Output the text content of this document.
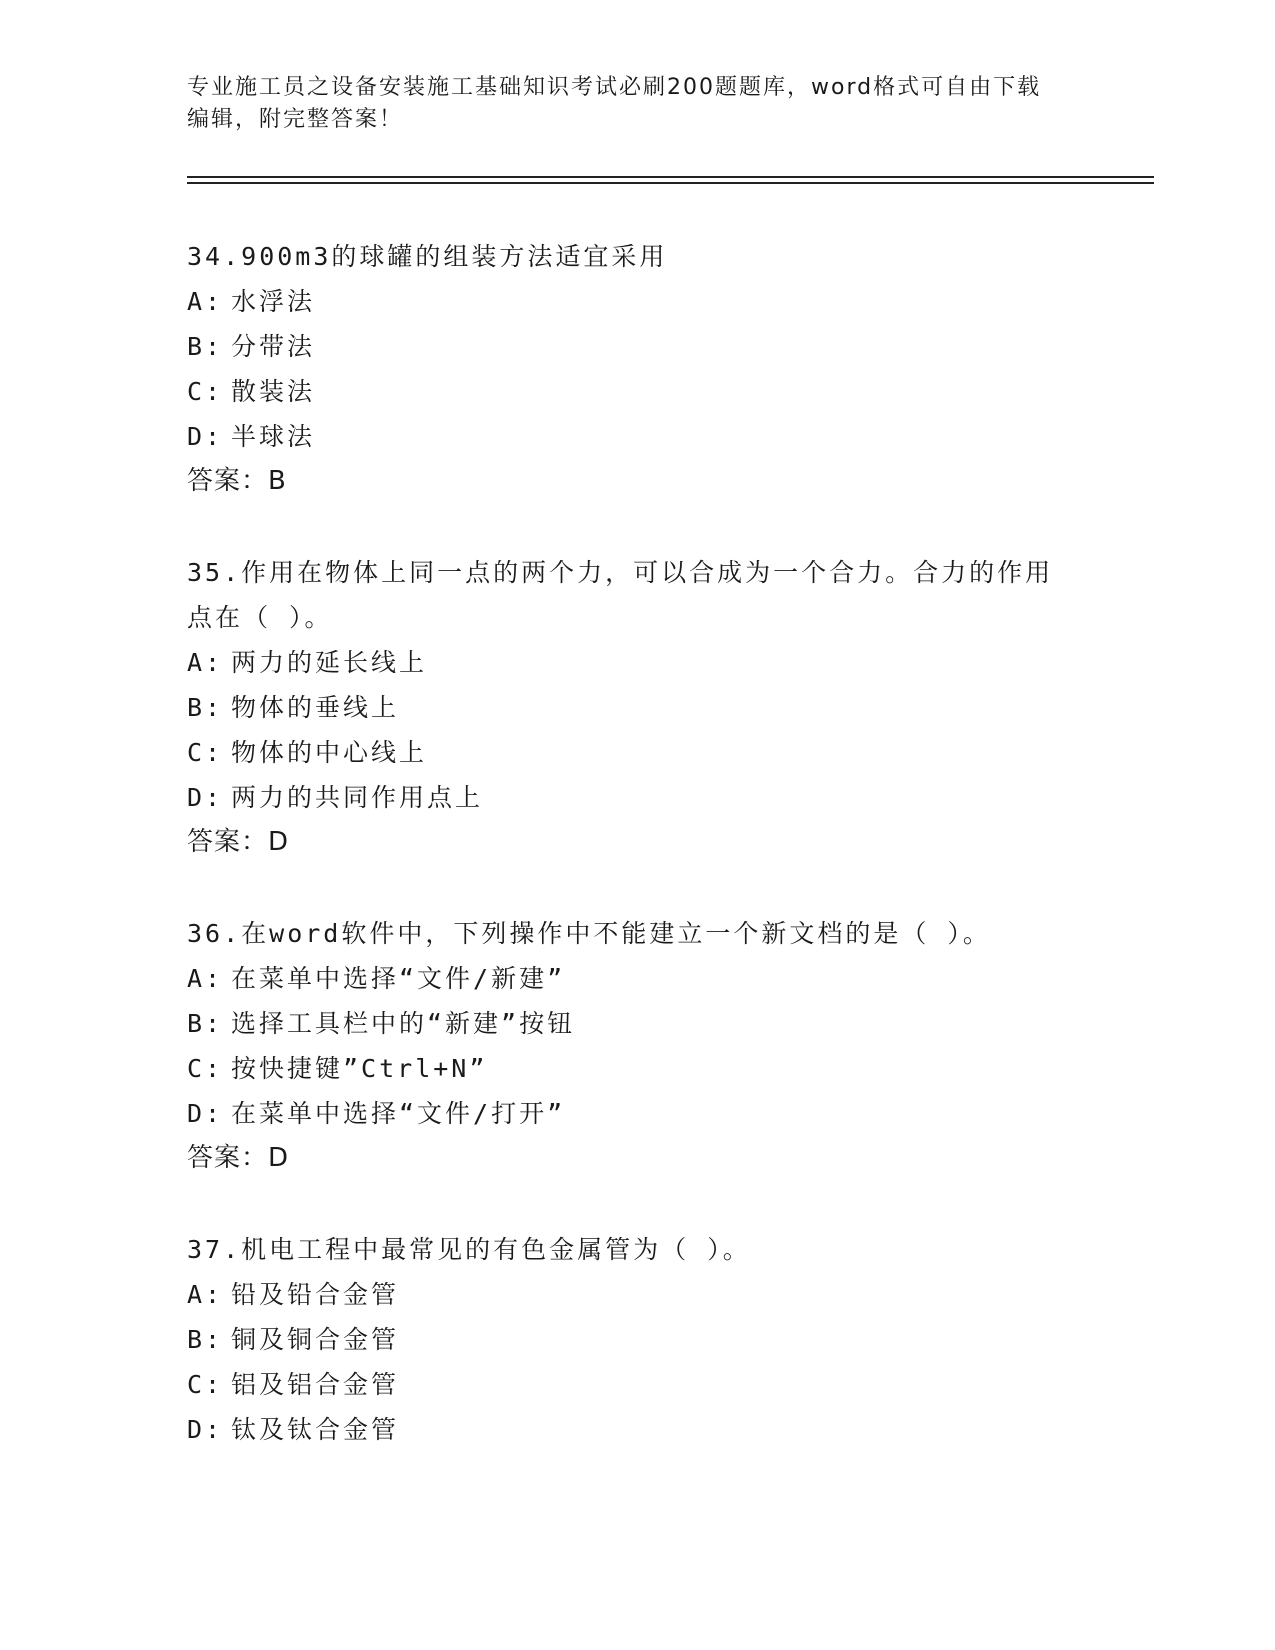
专业施工员之设备安装施工基础知识考试必刷200题题库，word格式可自由下载
编辑，附完整答案！
34.900m3的球罐的组装方法适宜采用
A: 水浮法
B: 分带法
C: 散装法
D: 半球法
答案：B
35.作用在物体上同一点的两个力，可以合成为一个合力。合力的作用
点在（ ）。
A: 两力的延长线上
B: 物体的垂线上
C: 物体的中心线上
D: 两力的共同作用点上
答案：D
36.在word软件中，下列操作中不能建立一个新文档的是（ ）。
A: 在菜单中选择“文件/新建”
B: 选择工具栏中的“新建”按钮
C: 按快捷键”Ctrl+N”
D: 在菜单中选择“文件/打开”
答案：D
37.机电工程中最常见的有色金属管为（ ）。
A: 铅及铅合金管
B: 铜及铜合金管
C: 铝及铝合金管
D: 钛及钛合金管
